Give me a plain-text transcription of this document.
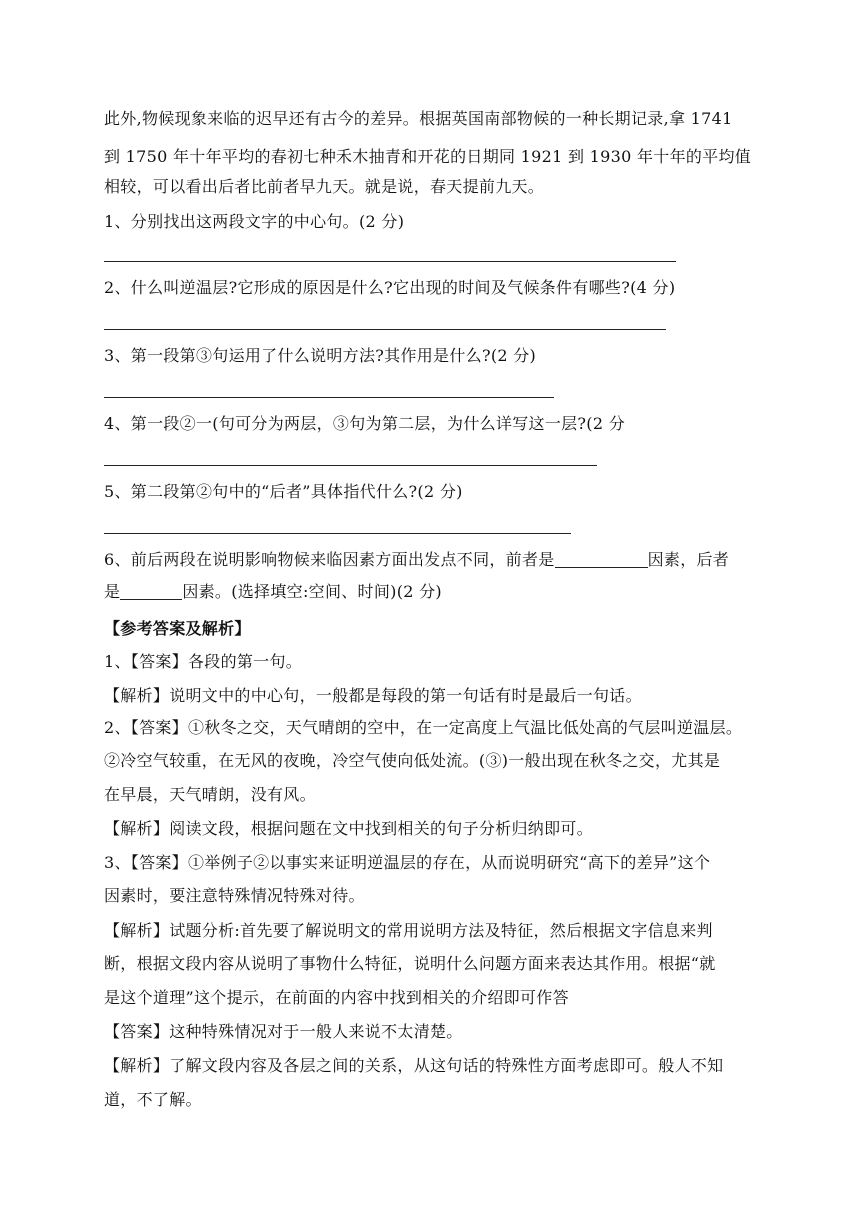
此外,物候现象来临的迟早还有古今的差异。根据英国南部物候的一种长期记录,拿 1741
到 1750 年十年平均的春初七种禾木抽青和开花的日期同 1921 到 1930 年十年的平均值
相较，可以看出后者比前者早九天。就是说，春天提前九天。
1、分别找出这两段文字的中心句。(2 分)
2、什么叫逆温层?它形成的原因是什么?它出现的时间及气候条件有哪些?(4 分)
3、第一段第③句运用了什么说明方法?其作用是什么?(2 分)
4、第一段②一(句可分为两层，③句为第二层，为什么详写这一层?(2 分
5、第二段第②句中的“后者”具体指代什么?(2 分)
6、前后两段在说明影响物候来临因素方面出发点不同，前者是	因素，后者
是	因素。(选择填空:空间、时间)(2 分)
【参考答案及解析】
1、【答案】各段的第一句。
【解析】说明文中的中心句，一般都是每段的第一句话有时是最后一句话。
2、【答案】①秋冬之交，天气晴朗的空中，在一定高度上气温比低处高的气层叫逆温层。
②冷空气较重，在无风的夜晚，冷空气使向低处流。(③)一般出现在秋冬之交，尤其是
在早晨，天气晴朗，没有风。
【解析】阅读文段，根据问题在文中找到相关的句子分析归纳即可。
3、【答案】①举例子②以事实来证明逆温层的存在，从而说明研究“高下的差异”这个
因素时，要注意特殊情况特殊对待。
【解析】试题分析:首先要了解说明文的常用说明方法及特征，然后根据文字信息来判
断，根据文段内容从说明了事物什么特征，说明什么问题方面来表达其作用。根据“就
是这个道理”这个提示，在前面的内容中找到相关的介绍即可作答
【答案】这种特殊情况对于一般人来说不太清楚。
【解析】了解文段内容及各层之间的关系，从这句话的特殊性方面考虑即可。般人不知
道，不了解。
